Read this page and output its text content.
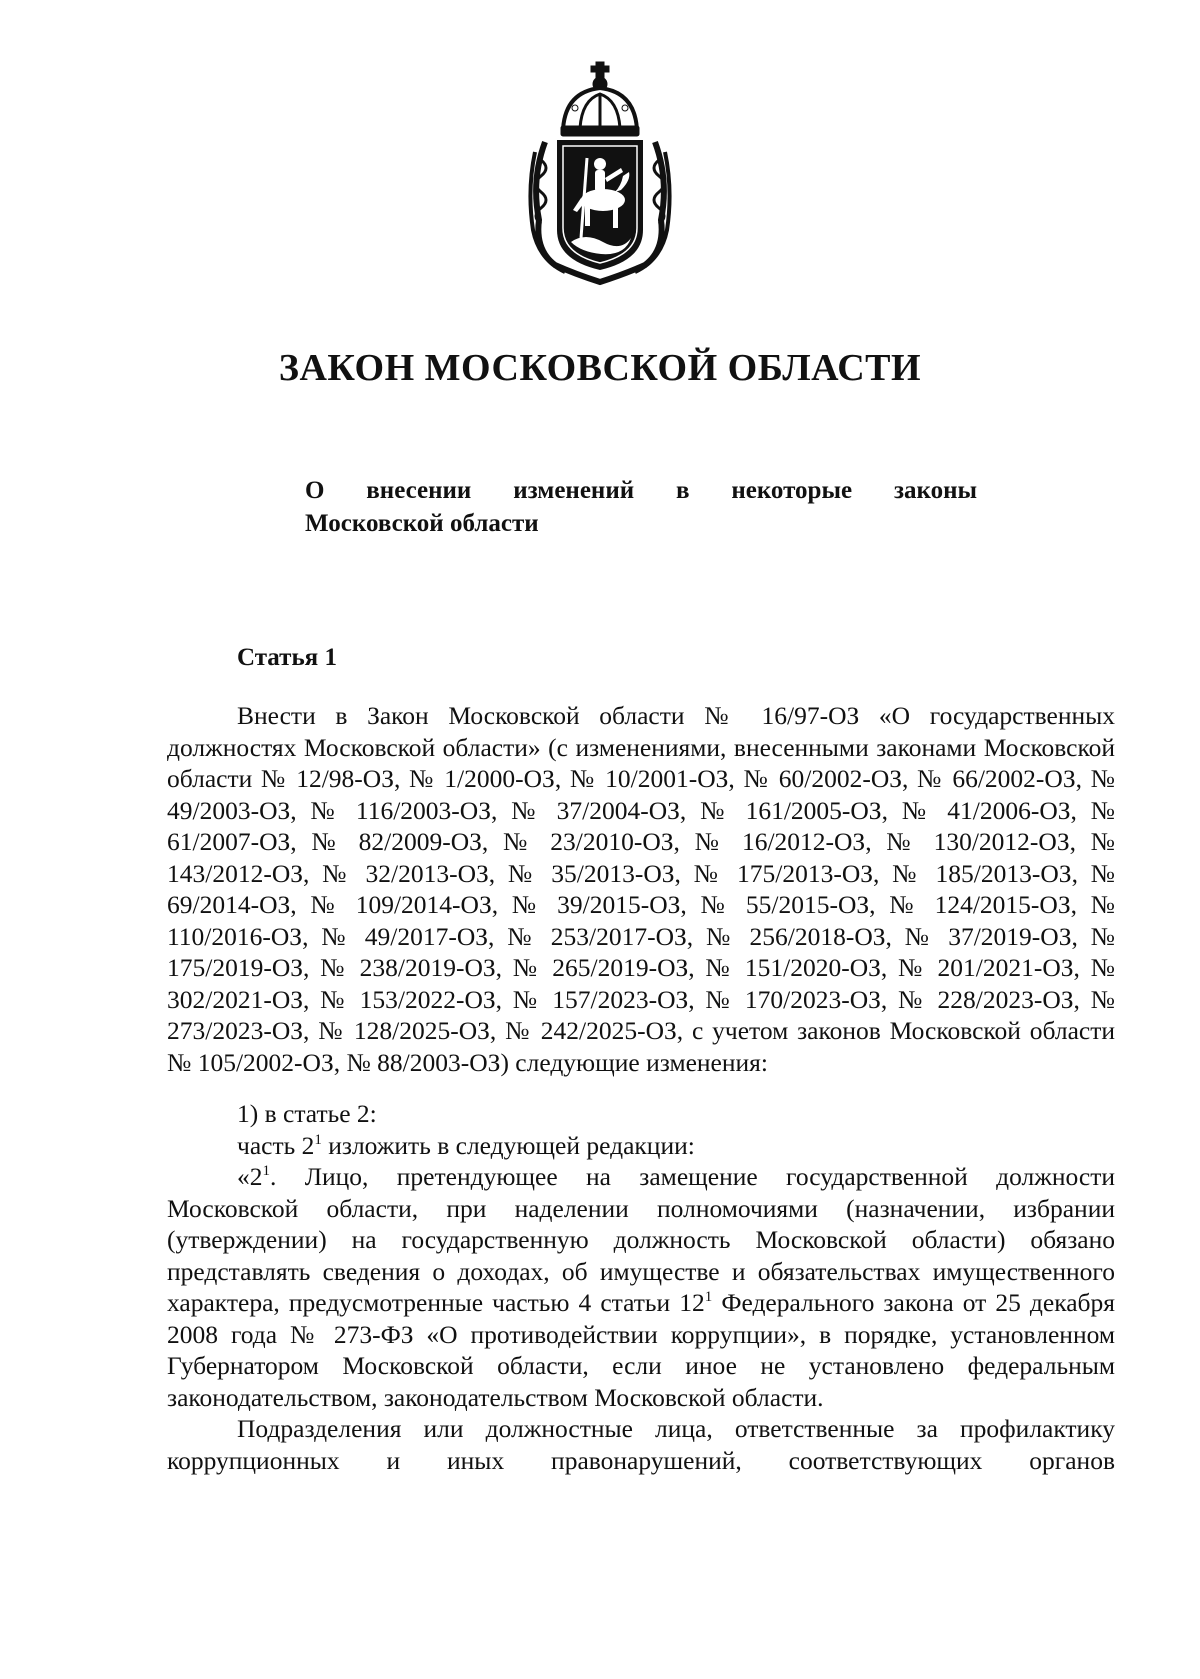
ЗАКОН МОСКОВСКОЙ ОБЛАСТИ
О внесении изменений в некоторые законы
Московской области
Статья 1

Внести в Закон Московской области № 16/97-ОЗ «О государственных должностях Московской области» (с изменениями, внесенными законами Московской области № 12/98-ОЗ, № 1/2000-ОЗ, № 10/2001-ОЗ, № 60/2002-ОЗ, № 66/2002-ОЗ, № 49/2003-ОЗ, № 116/2003-ОЗ, № 37/2004-ОЗ, № 161/2005-ОЗ, № 41/2006-ОЗ, № 61/2007-ОЗ, № 82/2009-ОЗ, № 23/2010-ОЗ, № 16/2012-ОЗ, № 130/2012-ОЗ, № 143/2012-ОЗ, № 32/2013-ОЗ, № 35/2013-ОЗ, № 175/2013-ОЗ, № 185/2013-ОЗ, № 69/2014-ОЗ, № 109/2014-ОЗ, № 39/2015-ОЗ, № 55/2015-ОЗ, № 124/2015-ОЗ, № 110/2016-ОЗ, № 49/2017-ОЗ, № 253/2017-ОЗ, № 256/2018-ОЗ, № 37/2019-ОЗ, № 175/2019-ОЗ, № 238/2019-ОЗ, № 265/2019-ОЗ, № 151/2020-ОЗ, № 201/2021-ОЗ, № 302/2021-ОЗ, № 153/2022-ОЗ, № 157/2023-ОЗ, № 170/2023-ОЗ, № 228/2023-ОЗ, № 273/2023-ОЗ, № 128/2025-ОЗ, № 242/2025-ОЗ, с учетом законов Московской области № 105/2002-ОЗ, № 88/2003-ОЗ) следующие изменения:

1) в статье 2:

часть $2^1$ изложить в следующей редакции:

«$2^1$. Лицо, претендующее на замещение государственной должности Московской области, при наделении полномочиями (назначении, избрании (утверждении) на государственную должность Московской области) обязано представлять сведения о доходах, об имуществе и обязательствах имущественного характера, предусмотренные частью 4 статьи $12^1$ Федерального закона от 25 декабря 2008 года № 273-ФЗ «О противодействии коррупции», в порядке, установленном Губернатором Московской области, если иное не установлено федеральным законодательством, законодательством Московской области.

Подразделения или должностные лица, ответственные за профилактику коррупционных и иных правонарушений, соответствующих органов
